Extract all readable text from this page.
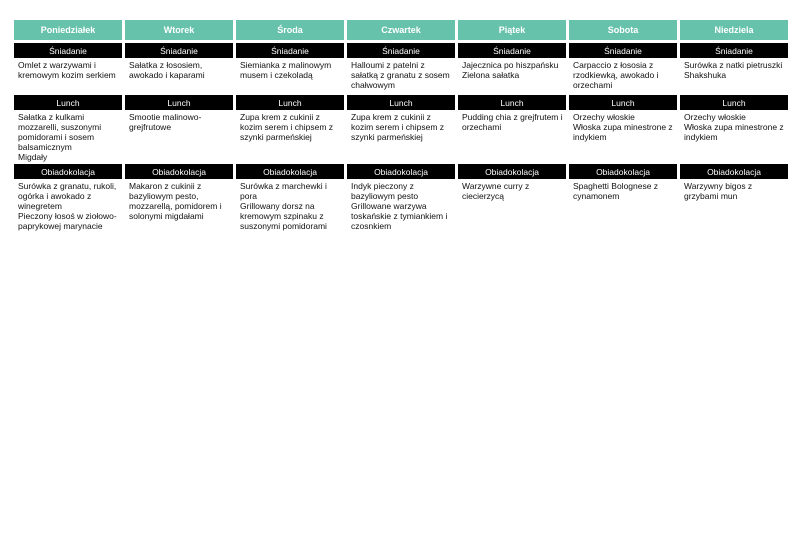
Poniedziałek
Śniadanie
Omlet z warzywami i kremowym kozim serkiem
Lunch
Sałatka z kulkami mozzarelli, suszonymi pomidorami i sosem balsamicznym
Migdały
Obiadokolacja
Surówka z granatu, rukoli, ogórka i awokado z winegretem
Pieczony łosoś w ziołowo-paprykowej marynacie
Wtorek
Śniadanie
Sałatka z łososiem, awokado i kaparami
Lunch
Smootie malinowo-grejfrutowe
Obiadokolacja
Makaron z cukinii z bazyliowym pesto, mozzarellą, pomidorem i solonymi migdałami
Środa
Śniadanie
Siemianka z malinowym musem i czekoladą
Lunch
Zupa krem z cukinii z kozim serem i chipsem z szynki parmeńskiej
Obiadokolacja
Surówka z marchewki i pora
Grillowany dorsz na kremowym szpinaku z suszonymi pomidorami
Czwartek
Śniadanie
Halloumi z patelni z sałatką z granatu z sosem chałwowym
Lunch
Zupa krem z cukinii z kozim serem i chipsem z szynki parmeńskiej
Obiadokolacja
Indyk pieczony z bazyliowym pesto
Grillowane warzywa toskańskie z tymiankiem i czosnkiem
Piątek
Śniadanie
Jajecznica po hiszpańsku
Zielona sałatka
Lunch
Pudding chia z grejfrutem i orzechami
Obiadokolacja
Warzywne curry z ciecierzycą
Sobota
Śniadanie
Carpaccio z łososia z rzodkiewką, awokado i orzechami
Lunch
Orzechy włoskie
Włoska zupa minestrone z indykiem
Obiadokolacja
Spaghetti Bolognese z cynamonem
Niedziela
Śniadanie
Surówka z natki pietruszki
Shakshuka
Lunch
Orzechy włoskie
Włoska zupa minestrone z indykiem
Obiadokolacja
Warzywny bigos z grzybami mun
